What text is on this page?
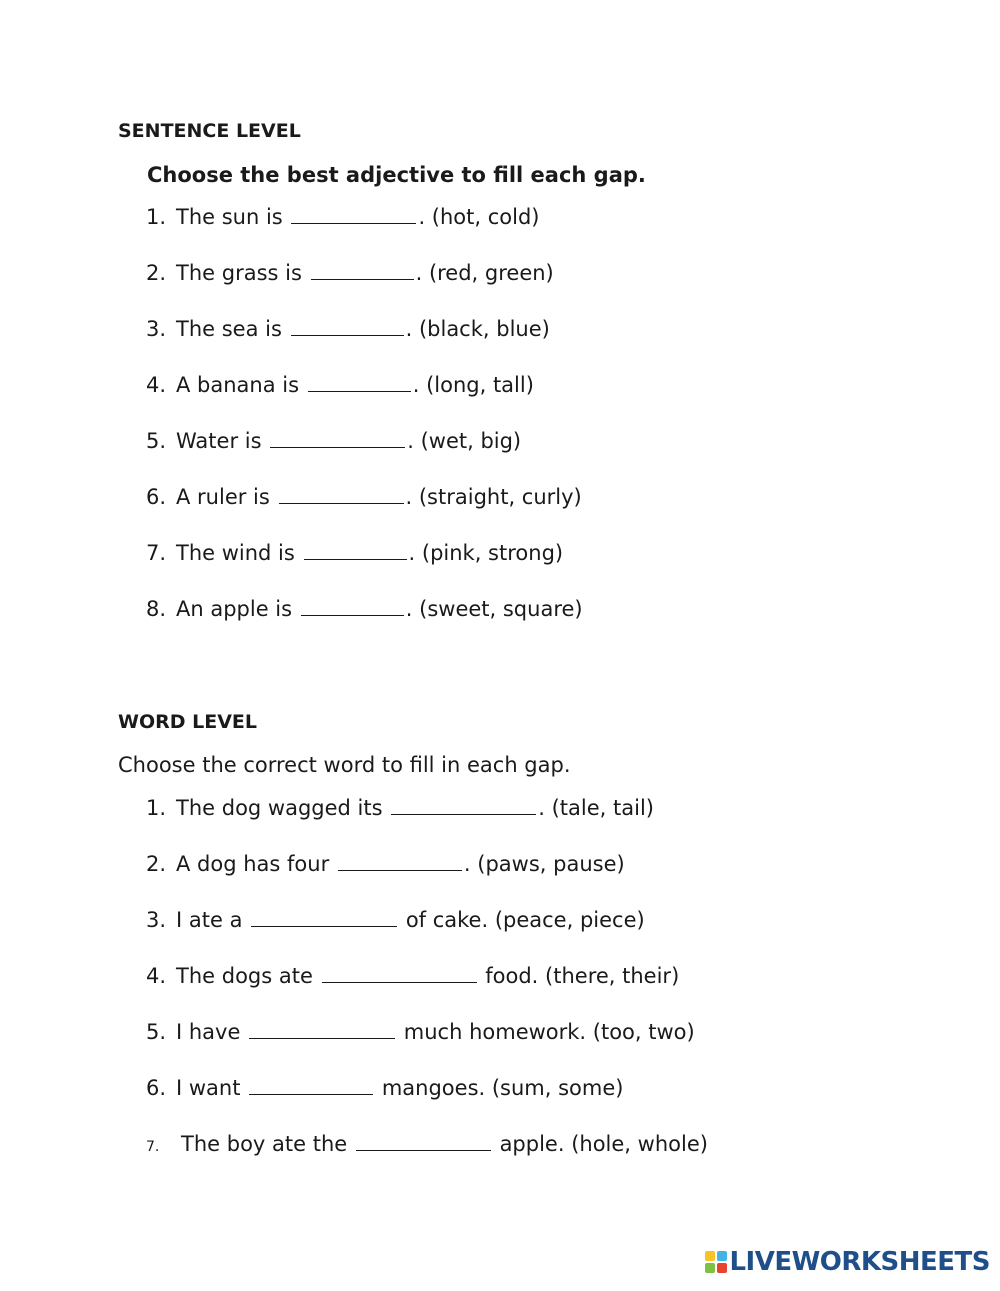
SENTENCE LEVEL
Choose the best adjective to fill each gap.
1. The sun is	. (hot, cold)
2. The grass is	. (red, green)
3. The sea is	. (black, blue)
4. A banana is	. (long, tall)
5. Water is	. (wet, big)
6. A ruler is	. (straight, curly)
7. The wind is	. (pink, strong)
8. An apple is	. (sweet, square)
WORD LEVEL
Choose the correct word to fill in each gap.
1. The dog wagged its	. (tale, tail)
2. A dog has four	. (paws, pause)
3. I ate a	of cake. (peace, piece)
4. The dogs ate	food. (there, their)
5. I have	much homework. (too, two)
6. I want	mangoes. (sum, some)
7. The boy ate the	apple. (hole, whole)
LIVEWORKSHEETS
